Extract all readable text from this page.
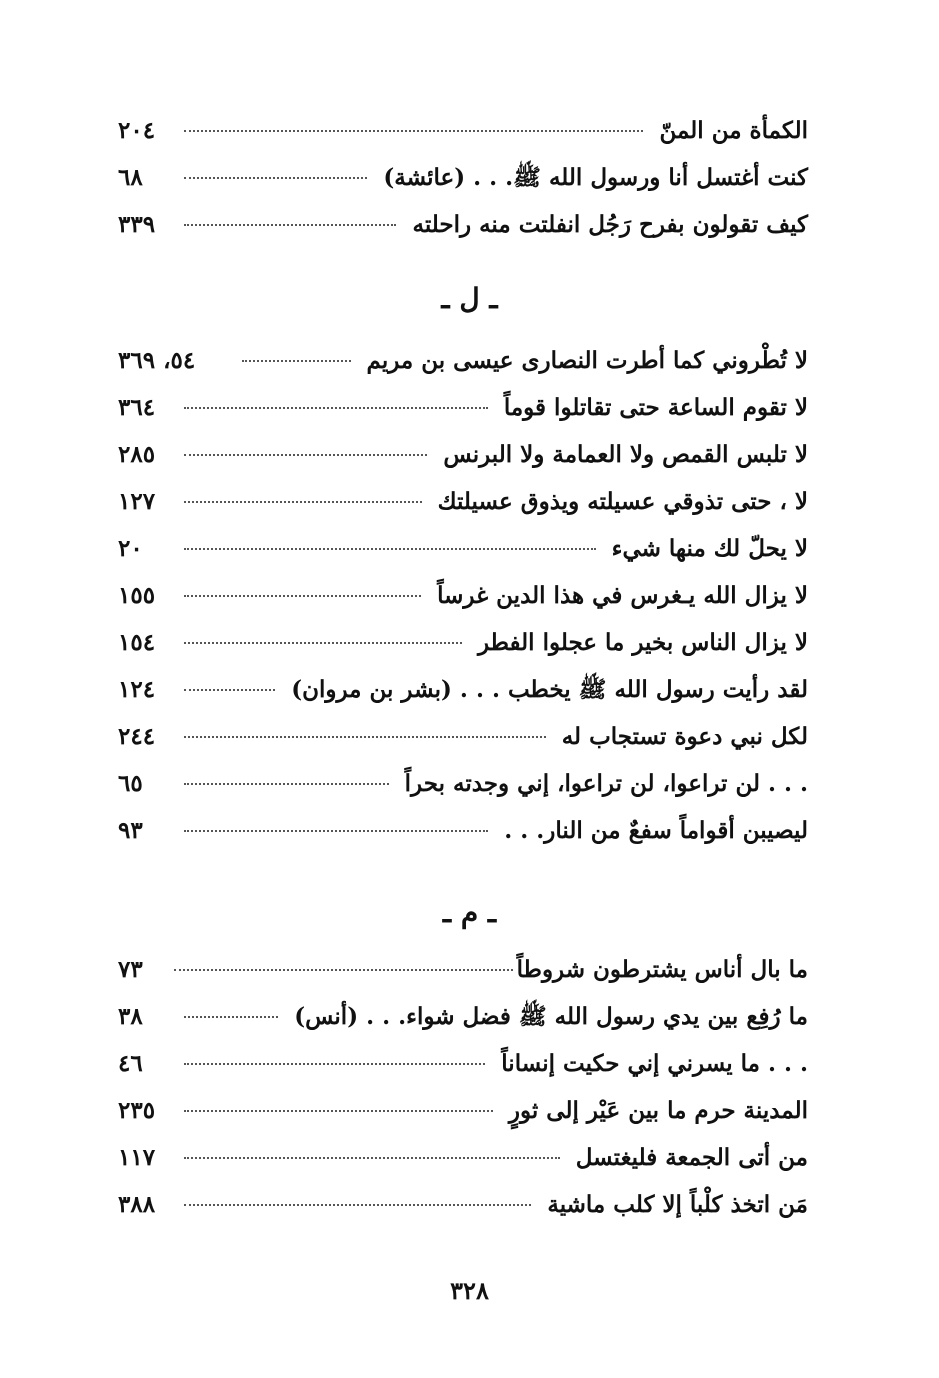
الكمأة من المنّ
٢٠٤
كنت أغتسل أنا ورسول الله ﷺ. . . (عائشة)
٦٨
كيف تقولون بفرح رَجُل انفلتت منه راحلته
٣٣٩
ـ ل ـ
لا تُطْروني كما أطرت النصارى عيسى بن مريم
٥٤، ٣٦٩
لا تقوم الساعة حتى تقاتلوا قوماً
٣٦٤
لا تلبس القمص ولا العمامة ولا البرنس
٢٨٥
لا ، حتى تذوقي عسيلته ويذوق عسيلتك
١٢٧
لا يحلّ لك منها شيء
٢٠
لا يزال الله يـغرس في هذا الدين غرساً
١٥٥
لا يزال الناس بخير ما عجلوا الفطر
١٥٤
لقد رأيت رسول الله ﷺ يخطب . . . (بشر بن مروان)
١٢٤
لكل نبي دعوة تستجاب له
٢٤٤
. . . لن تراعوا، لن تراعوا، إني وجدته بحراً
٦٥
ليصيبن أقواماً سفعٌ من النار. . .
٩٣
ـ م ـ
ما بال أناس يشترطون شروطاً
٧٣
ما رُفِع بين يدي رسول الله ﷺ فضل شواء. . . (أنس)
٣٨
. . . ما يسرني إني حكيت إنساناً
٤٦
المدينة حرم ما بين عَيْر إلى ثورٍ
٢٣٥
من أتى الجمعة فليغتسل
١١٧
مَن اتخذ كلْباً إلا كلب ماشية
٣٨٨
٣٢٨
